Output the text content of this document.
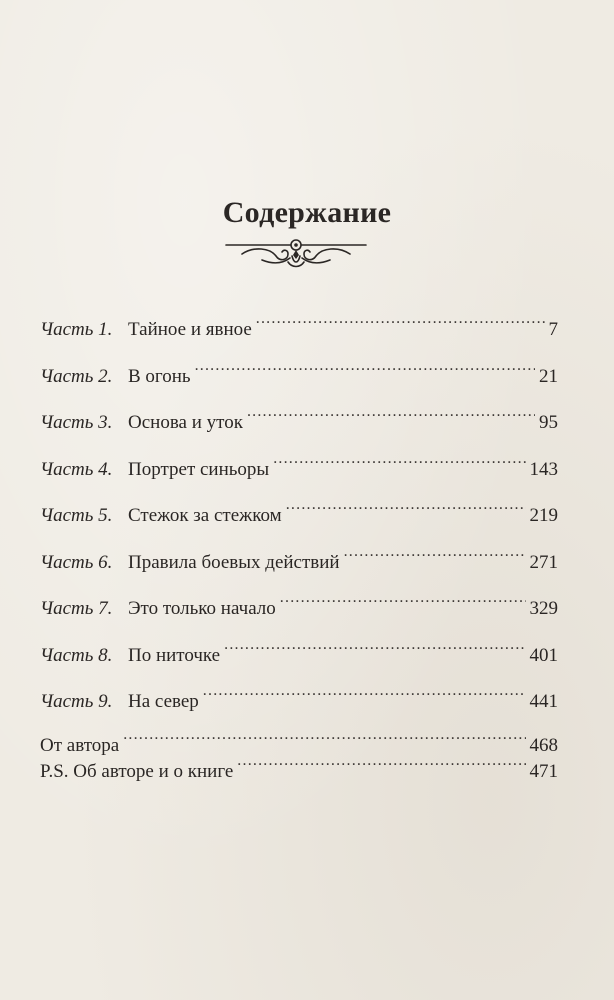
Содержание
Часть 1. Тайное и явное .....	7
Часть 2. В огонь .....	21
Часть 3. Основа и уток .....	95
Часть 4. Портрет синьоры .....	143
Часть 5. Стежок за стежком .....	219
Часть 6. Правила боевых действий .....	271
Часть 7. Это только начало .....	329
Часть 8. По ниточке .....	401
Часть 9. На север .....	441
От автора .....	468
P.S. Об авторе и о книге .....	471
